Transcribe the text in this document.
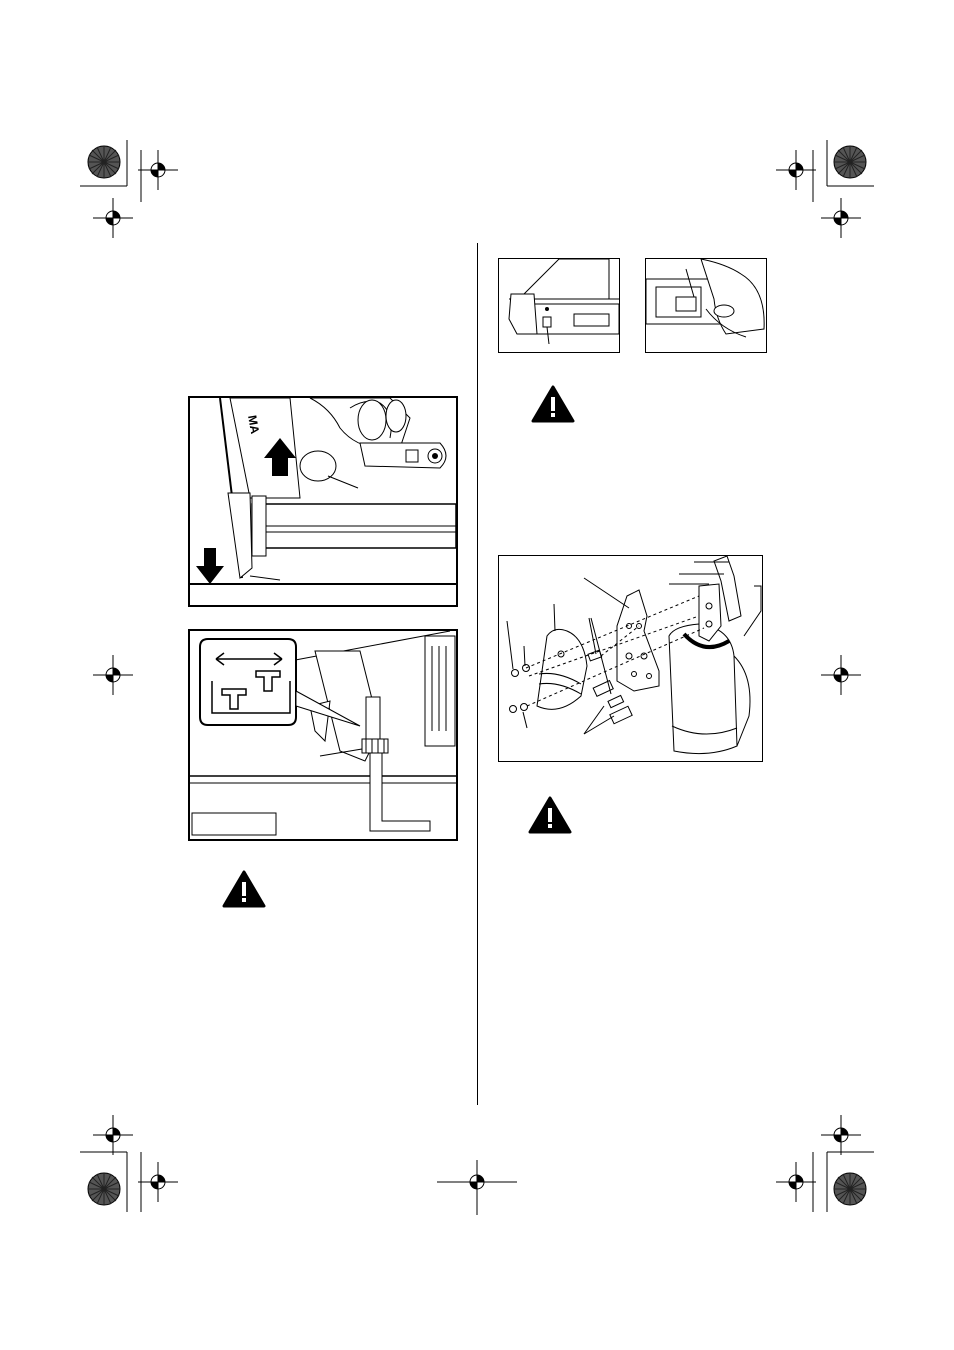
MA
